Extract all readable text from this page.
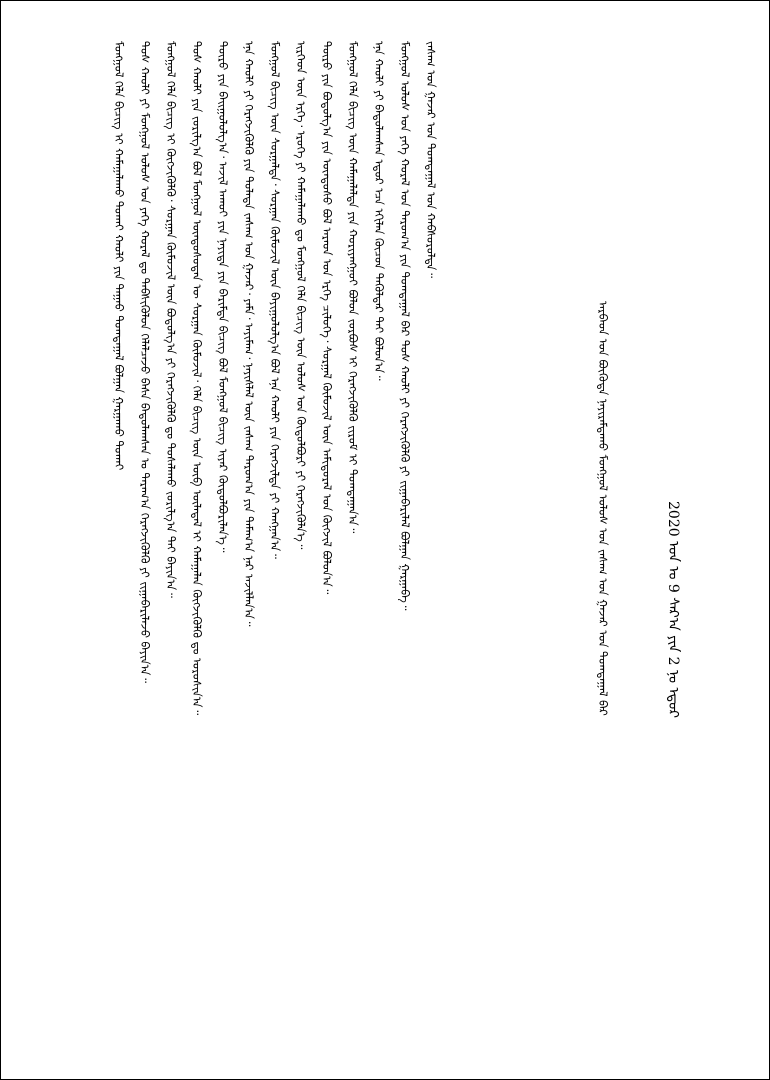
2020 ᠣᠨ ᠤ 9 ᠰᠠᠷ᠎ᠠ ᠶᠢᠨ 2 ᠨᠤ ᠡᠳᠦᠷ
ᠠᠷᠪᠠᠳ ᠤᠨ ᠪᠦᠭᠦᠳᠡ ᠨᠠᠶᠢᠷᠠᠮᠳᠠᠬᠤ ᠮᠣᠩᠭᠣᠯ ᠤᠯᠤᠰ ᠤᠨ ᠵᠠᠰᠠᠭ ᠤᠨ ᠭᠠᠵᠠᠷ ᠤᠨ ᠲᠤᠭᠲᠠᠭᠠᠯ ᠪᠠᠷ
ᠮᠣᠩᠭᠣᠯ ᠬᠡᠯᠡ ᠪᠢᠴᠢᠭ ᠢ ᠬᠠᠮᠠᠭᠠᠯᠠᠬᠤ ᠲᠤᠬᠠᠢ ᠬᠠᠤᠯᠢ ᠶᠢᠨ ᠳᠠᠭᠠᠤ ᠲᠤᠭᠲᠠᠭᠠᠯ ᠪᠣᠯᠭᠠᠨ ᠭᠠᠷᠭᠠᠬᠤ ᠲᠤᠬᠠᠢ ᠲᠤᠰ ᠬᠠᠤᠯᠢ ᠶᠢ ᠮᠣᠩᠭᠣᠯ ᠤᠯᠤᠰ ᠤᠨ ᠶᠡᠬᠡ ᠬᠤᠷᠠᠯ ᠳᠤ ᠳᠡᠪᠰᠢᠭᠦᠯᠦᠨ ᠬᠡᠯᠡᠯᠴᠡᠵᠦ ᠪᠠᠰᠠ ᠪᠠᠲᠤᠯᠠᠭᠰᠠᠨ ᠤ ᠳᠠᠷᠠᠭ᠎ᠠ ᠬᠡᠷᠡᠭᠵᠢᠭᠦᠯᠬᠦ ᠶᠢ ᠵᠢᠭᠠᠪᠠᠷᠢᠯᠠᠵᠤ ᠪᠠᠶᠢᠨ᠎ᠠ᠃ ᠮᠣᠩᠭᠣᠯ ᠬᠡᠯᠡ ᠪᠢᠴᠢᠭ ᠢ ᠬᠦᠭᠵᠢᠭᠦᠯᠬᠦ᠂ ᠰᠤᠷᠭᠠᠨ ᠬᠦᠮᠦᠵᠢᠯ ᠦᠨ ᠪᠣᠳᠣᠯᠭ᠎ᠠ ᠶᠢ ᠬᠡᠷᠡᠭᠵᠢᠭᠦᠯᠬᠦ ᠳᠤ ᠲᠤᠰᠠᠯᠠᠬᠤ ᠵᠣᠷᠢᠯᠭ᠎ᠠ ᠲᠠᠶ ᠪᠠᠶᠢᠨ᠎ᠠ᠃ ᠲᠤᠰ ᠬᠠᠤᠯᠢ ᠶᠢᠨ ᠵᠣᠷᠢᠯᠭ᠎ᠠ ᠪᠣᠯ ᠮᠣᠩᠭᠣᠯ ᠦᠨᠳᠦᠰᠦᠲᠡᠨ ᠦ ᠰᠤᠷᠭᠠᠨ ᠬᠦᠮᠦᠵᠢᠯ᠂ ᠬᠡᠯᠡ ᠪᠢᠴᠢᠭ ᠦᠨ ᠦᠪ ᠦᠯᠡᠳᠡᠯ ᠢ ᠬᠠᠮᠠᠭᠠᠯᠠᠨ ᠬᠥᠭᠵᠢᠭᠦᠯᠬᠦ ᠳᠤ ᠣᠷᠣᠰᠢᠨ᠎ᠠ᠃ ᠲᠥᠷᠥ ᠶᠢᠨ ᠪᠠᠢᠭᠤᠯᠤᠯᠭ᠎ᠠ᠂ ᠠᠵᠢᠯ ᠠᠬᠤᠢ ᠶᠢᠨ ᠨᠡᠶᠢᠲᠡ ᠶᠢᠨ ᠪᠠᠷᠢᠮᠲᠠ ᠪᠢᠴᠢᠭ ᠪᠣᠯ ᠮᠣᠩᠭᠣᠯ ᠪᠢᠴᠢᠭ ᠢᠶᠡᠷ ᠬᠦᠲᠦᠯᠪᠦᠷᠢᠯᠡᠨ᠎ᠡ᠃ ᠡᠨᠡ ᠬᠠᠤᠯᠢ ᠶᠢ ᠬᠡᠷᠡᠭᠵᠢᠭᠦᠯᠬᠦ ᠶᠢᠨ ᠲᠤᠯᠠᠳᠠ ᠵᠠᠰᠠᠭ ᠤᠨ ᠭᠠᠵᠠᠷ᠂ ᠶᠠᠮᠠ᠂ ᠠᠶᠢᠮᠠᠭ᠂ ᠨᠡᠶᠢᠰᠯᠡᠯ ᠦᠨ ᠵᠠᠰᠠᠭ ᠳᠠᠷᠤᠭ᠎ᠠ ᠶᠢᠨ ᠲᠠᠮᠠᠭ᠎ᠠ ᠨᠠᠷ ᠠᠵᠢᠯᠯᠠᠨ᠎ᠠ᠃ ᠮᠣᠩᠭᠣᠯ ᠪᠢᠴᠢᠭ ᠦᠨ ᠰᠤᠷᠭᠠᠯᠲᠠ᠂ ᠰᠤᠷᠭᠠᠨ ᠬᠦᠮᠦᠵᠢᠯ ᠦᠨ ᠪᠠᠶᠢᠭᠤᠯᠤᠯᠭ᠎ᠠ ᠪᠣᠯ ᠡᠨᠡ ᠬᠠᠤᠯᠢ ᠶᠢᠨ ᠬᠡᠷᠡᠭᠵᠢᠯᠲᠡ ᠶᠢ ᠬᠠᠩᠭᠠᠨ᠎ᠠ᠃ ᠢᠷᠭᠡᠳ ᠦᠨ ᠡᠷᠬᠡ᠂ ᠡᠷᠦᠬᠡ ᠶᠢ ᠬᠠᠮᠠᠭᠠᠯᠠᠬᠤ ᠳᠤ ᠮᠣᠩᠭᠣᠯ ᠬᠡᠯᠡ ᠪᠢᠴᠢᠭ ᠦᠨ ᠤᠯᠤᠰ ᠤᠨ ᠬᠥᠲᠦᠯᠪᠦᠷᠢ ᠶᠢ ᠬᠡᠷᠡᠭᠵᠢᠭᠦᠯᠨ᠎ᠡ᠃ ᠲᠥᠷᠥ ᠶᠢᠨ ᠪᠣᠳᠣᠯᠭ᠎ᠠ ᠶᠢᠨ ᠦᠨᠳᠦᠰᠦ ᠪᠣᠯ ᠠᠷᠠᠳ ᠤᠨ ᠡᠷᠬᠡ ᠴᠢᠯᠦᠭᠡ᠂ ᠰᠤᠷᠭᠠᠯ ᠬᠦᠮᠦᠵᠢᠯ ᠦᠨ ᠠᠮᠢᠳᠤᠷᠠᠯ ᠤᠨ ᠬᠥᠭᠵᠢᠯ ᠪᠣᠯᠤᠨ᠎ᠠ᠃ ᠮᠣᠩᠭᠣᠯ ᠬᠡᠯᠡ ᠪᠢᠴᠢᠭ ᠦᠨ ᠬᠠᠮᠠᠭᠠᠯᠠᠯᠲᠠ ᠶᠢᠨ ᠬᠤᠷᠢᠶᠠᠩᠭᠤᠢ ᠪᠣᠯᠤᠨ ᠵᠤᠷᠪᠤᠰ ᠢ ᠬᠡᠷᠡᠭᠵᠢᠭᠦᠯᠬᠦ ᠵᠢᠷᠤᠮ ᠢ ᠲᠣᠭᠲᠠᠭᠠᠨ᠎ᠠ᠃ ᠡᠨᠡ ᠬᠠᠤᠯᠢ ᠶᠢ ᠪᠠᠲᠤᠯᠠᠭᠰᠠᠨ ᠡᠳᠦᠷ ᠡᠴᠡ ᠡᠬᠢᠯᠡᠨ ᠬᠦᠴᠦᠨ ᠲᠡᠭᠦᠯᠳᠡᠷ ᠲᠡᠢ ᠪᠣᠯᠤᠨ᠎ᠠ᠃ ᠮᠣᠩᠭᠣᠯ ᠤᠯᠤᠰ ᠤᠨ ᠶᠡᠬᠡ ᠬᠤᠷᠠᠯ ᠤᠨ ᠳᠠᠷᠤᠭ᠎ᠠ ᠶᠢᠨ ᠲᠤᠭᠲᠠᠭᠠᠯ ᠪᠠᠷ ᠲᠤᠰ ᠬᠠᠤᠯᠢ ᠶᠢ ᠬᠡᠷᠡᠭᠵᠢᠭᠦᠯᠬᠦ ᠶᠢ ᠵᠢᠭᠠᠪᠠᠷᠢᠯᠠᠯ ᠪᠣᠯᠭᠠᠨ ᠭᠠᠷᠭᠠᠪᠠ᠃ ᠵᠠᠰᠠᠭ ᠤᠨ ᠭᠠᠵᠠᠷ ᠤᠨ ᠲᠤᠭᠲᠠᠭᠠᠯ ᠤᠨ ᠬᠠᠪᠰᠤᠷᠤᠯᠲᠠ᠃
